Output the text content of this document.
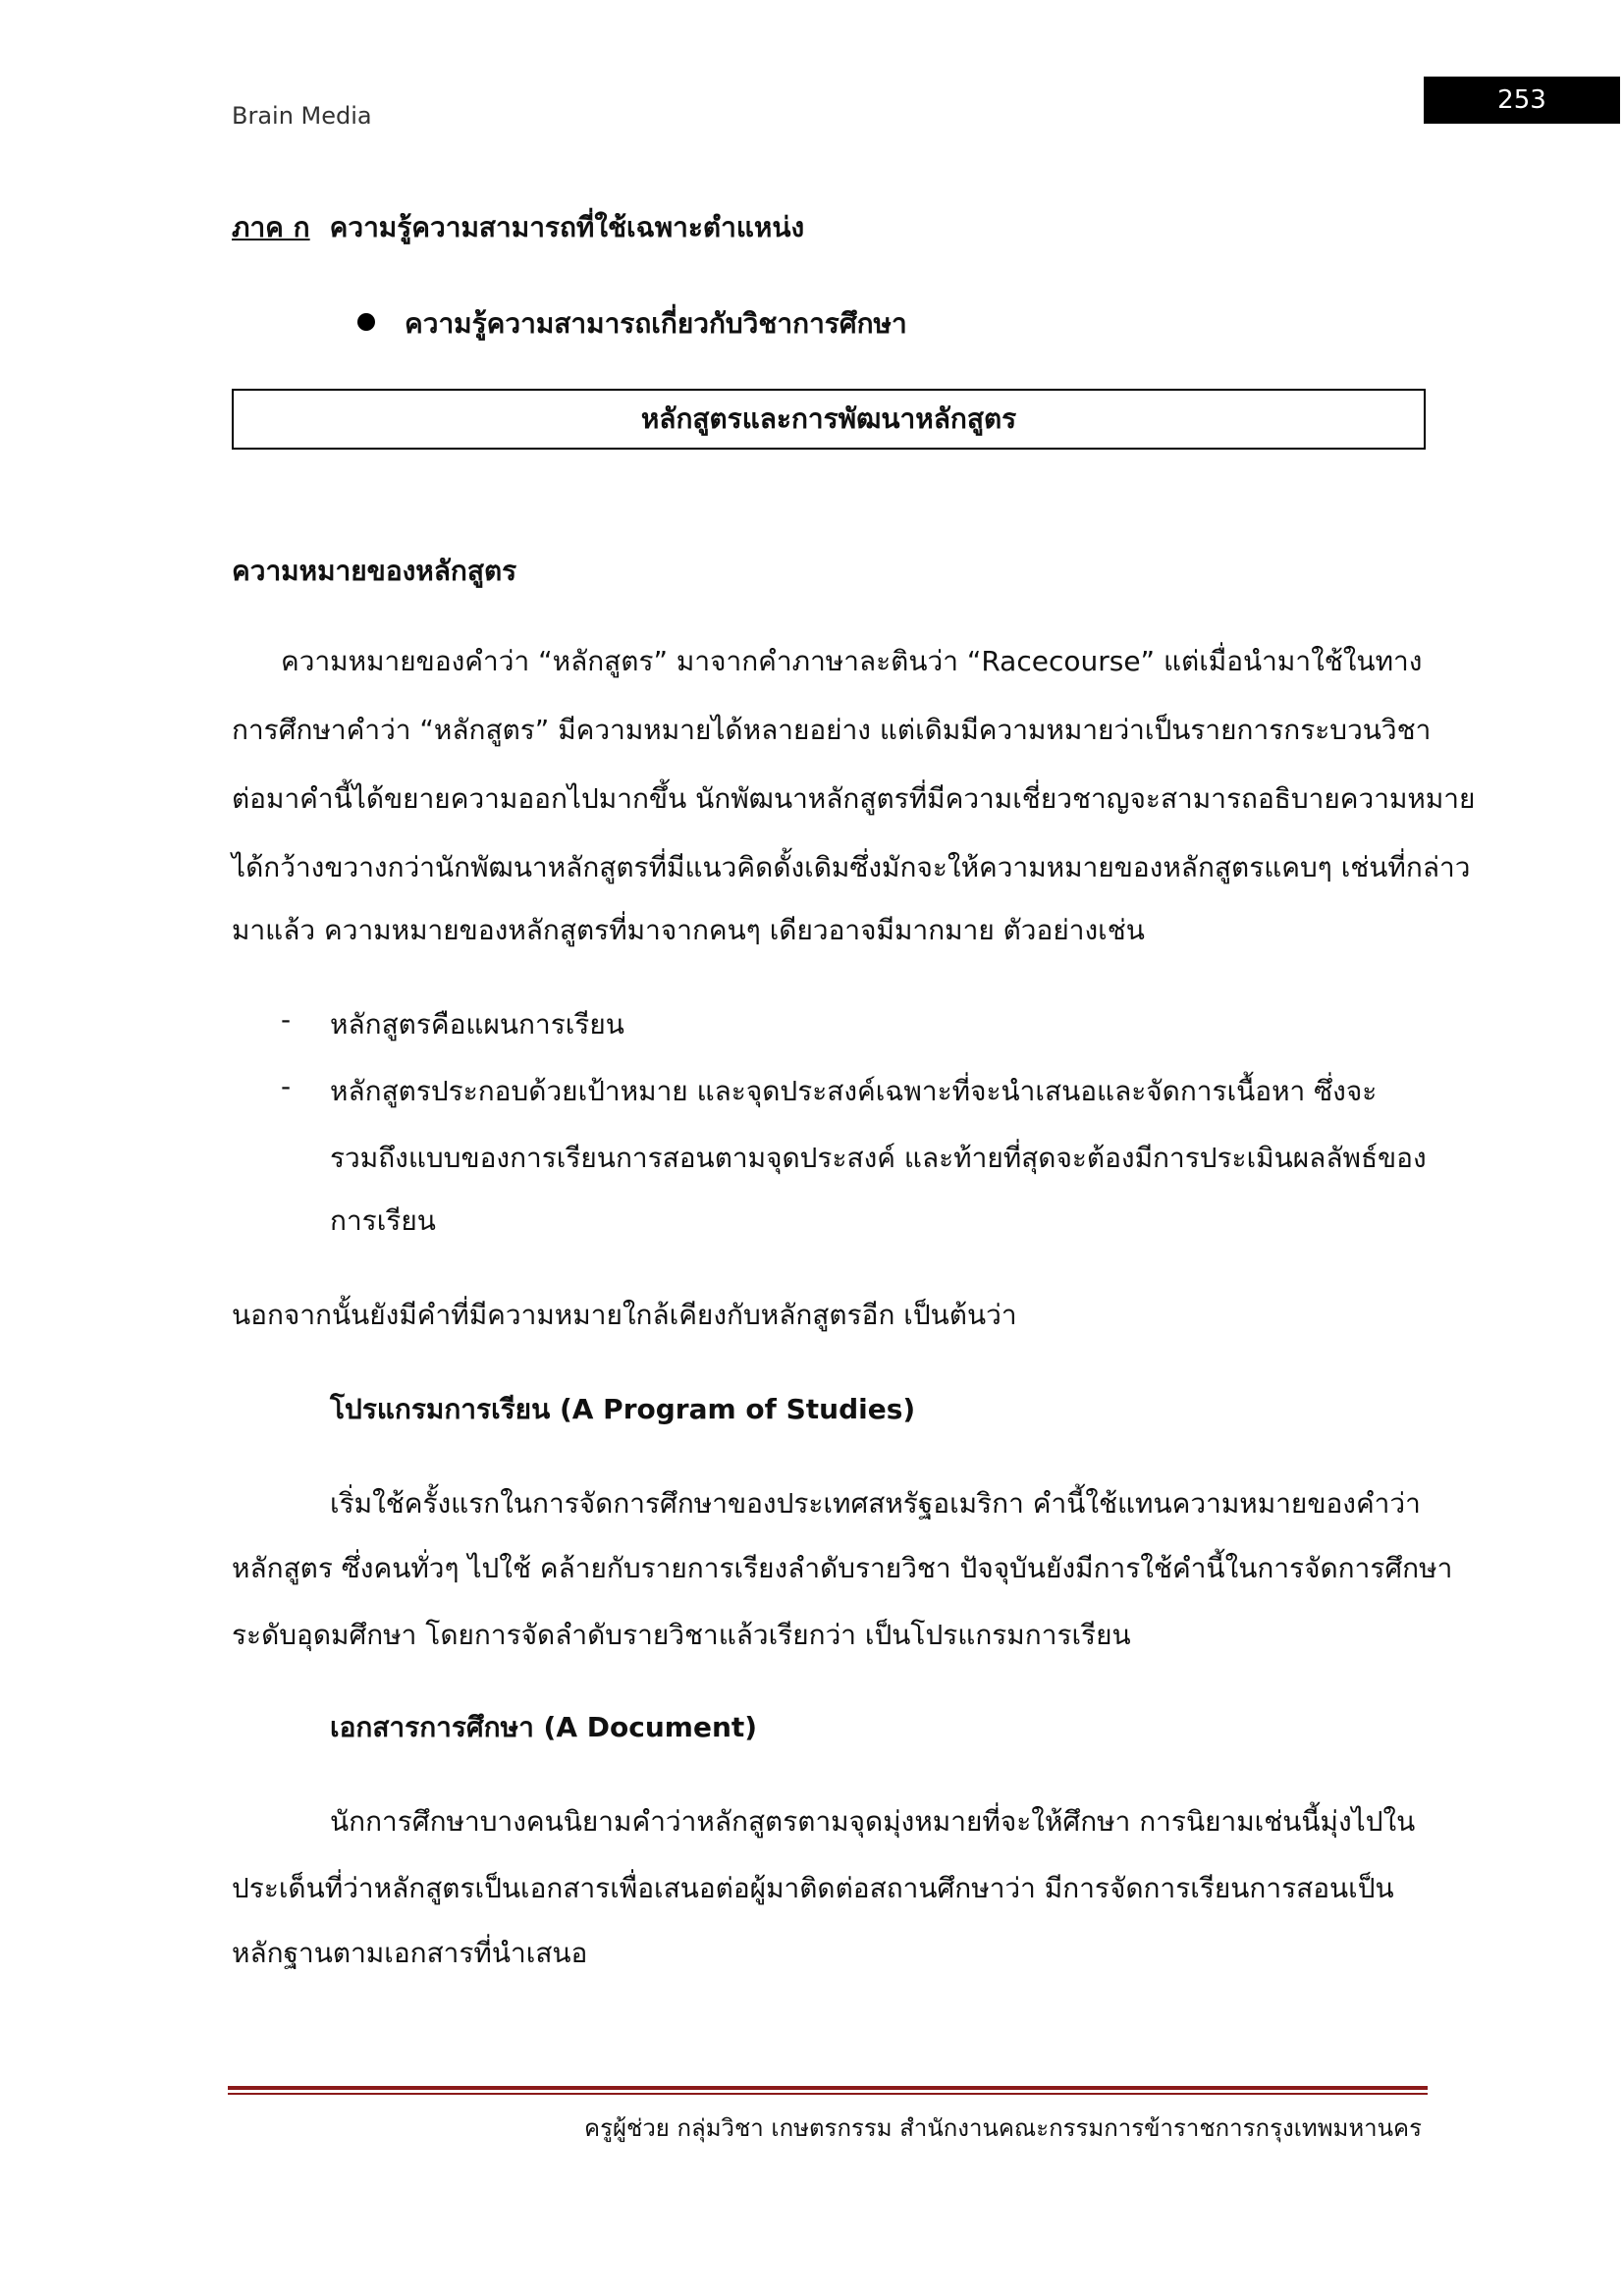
Brain Media
253
ภาค ก ความรู้ความสามารถที่ใช้เฉพาะตำแหน่ง
ความรู้ความสามารถเกี่ยวกับวิชาการศึกษา
หลักสูตรและการพัฒนาหลักสูตร
ความหมายของหลักสูตร
ความหมายของคำว่า “หลักสูตร” มาจากคำภาษาละตินว่า “Racecourse” แต่เมื่อนำมาใช้ในทาง
การศึกษาคำว่า “หลักสูตร” มีความหมายได้หลายอย่าง แต่เดิมมีความหมายว่าเป็นรายการกระบวนวิชา
ต่อมาคำนี้ได้ขยายความออกไปมากขึ้น นักพัฒนาหลักสูตรที่มีความเชี่ยวชาญจะสามารถอธิบายความหมาย
ได้กว้างขวางกว่านักพัฒนาหลักสูตรที่มีแนวคิดดั้งเดิมซึ่งมักจะให้ความหมายของหลักสูตรแคบๆ เช่นที่กล่าว
มาแล้ว ความหมายของหลักสูตรที่มาจากคนๆ เดียวอาจมีมากมาย ตัวอย่างเช่น
- หลักสูตรคือแผนการเรียน
- หลักสูตรประกอบด้วยเป้าหมาย และจุดประสงค์เฉพาะที่จะนำเสนอและจัดการเนื้อหา ซึ่งจะ
รวมถึงแบบของการเรียนการสอนตามจุดประสงค์ และท้ายที่สุดจะต้องมีการประเมินผลลัพธ์ของ
การเรียน
นอกจากนั้นยังมีคำที่มีความหมายใกล้เคียงกับหลักสูตรอีก เป็นต้นว่า
โปรแกรมการเรียน (A Program of Studies)
เริ่มใช้ครั้งแรกในการจัดการศึกษาของประเทศสหรัฐอเมริกา คำนี้ใช้แทนความหมายของคำว่า
หลักสูตร ซึ่งคนทั่วๆ ไปใช้ คล้ายกับรายการเรียงลำดับรายวิชา ปัจจุบันยังมีการใช้คำนี้ในการจัดการศึกษา
ระดับอุดมศึกษา โดยการจัดลำดับรายวิชาแล้วเรียกว่า เป็นโปรแกรมการเรียน
เอกสารการศึกษา (A Document)
นักการศึกษาบางคนนิยามคำว่าหลักสูตรตามจุดมุ่งหมายที่จะให้ศึกษา การนิยามเช่นนี้มุ่งไปใน
ประเด็นที่ว่าหลักสูตรเป็นเอกสารเพื่อเสนอต่อผู้มาติดต่อสถานศึกษาว่า มีการจัดการเรียนการสอนเป็น
หลักฐานตามเอกสารที่นำเสนอ
ครูผู้ช่วย กลุ่มวิชา เกษตรกรรม สำนักงานคณะกรรมการข้าราชการกรุงเทพมหานคร
